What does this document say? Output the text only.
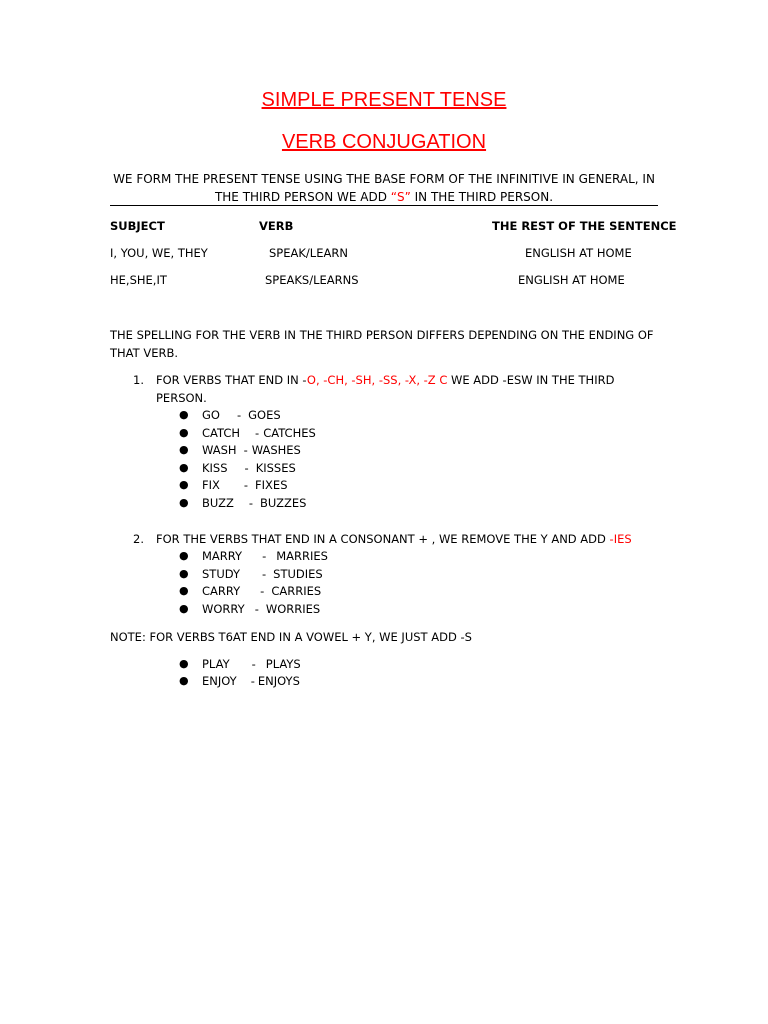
SIMPLE PRESENT TENSE
VERB CONJUGATION
WE FORM THE PRESENT TENSE USING THE BASE FORM OF THE INFINITIVE IN GENERAL, IN THE THIRD PERSON WE ADD “S” IN THE THIRD PERSON.
SUBJECT	VERB	THE REST OF THE SENTENCE
I, YOU, WE, THEY	SPEAK/LEARN	ENGLISH AT HOME
HE,SHE,IT	SPEAKS/LEARNS	ENGLISH AT HOME
THE SPELLING FOR THE VERB IN THE THIRD PERSON DIFFERS DEPENDING ON THE ENDING OF THAT VERB.
1. FOR VERBS THAT END IN -O, -CH, -SH, -SS, -X, -Z C WE ADD -ESW IN THE THIRD PERSON.
● GO - GOES
● CATCH - CATCHES
● WASH - WASHES
● KISS - KISSES
● FIX - FIXES
● BUZZ - BUZZES
2. FOR THE VERBS THAT END IN A CONSONANT + , WE REMOVE THE Y AND ADD -IES
● MARRY - MARRIES
● STUDY - STUDIES
● CARRY - CARRIES
● WORRY - WORRIES
NOTE: FOR VERBS T6AT END IN A VOWEL + Y, WE JUST ADD -S
● PLAY - PLAYS
● ENJOY - ENJOYS
